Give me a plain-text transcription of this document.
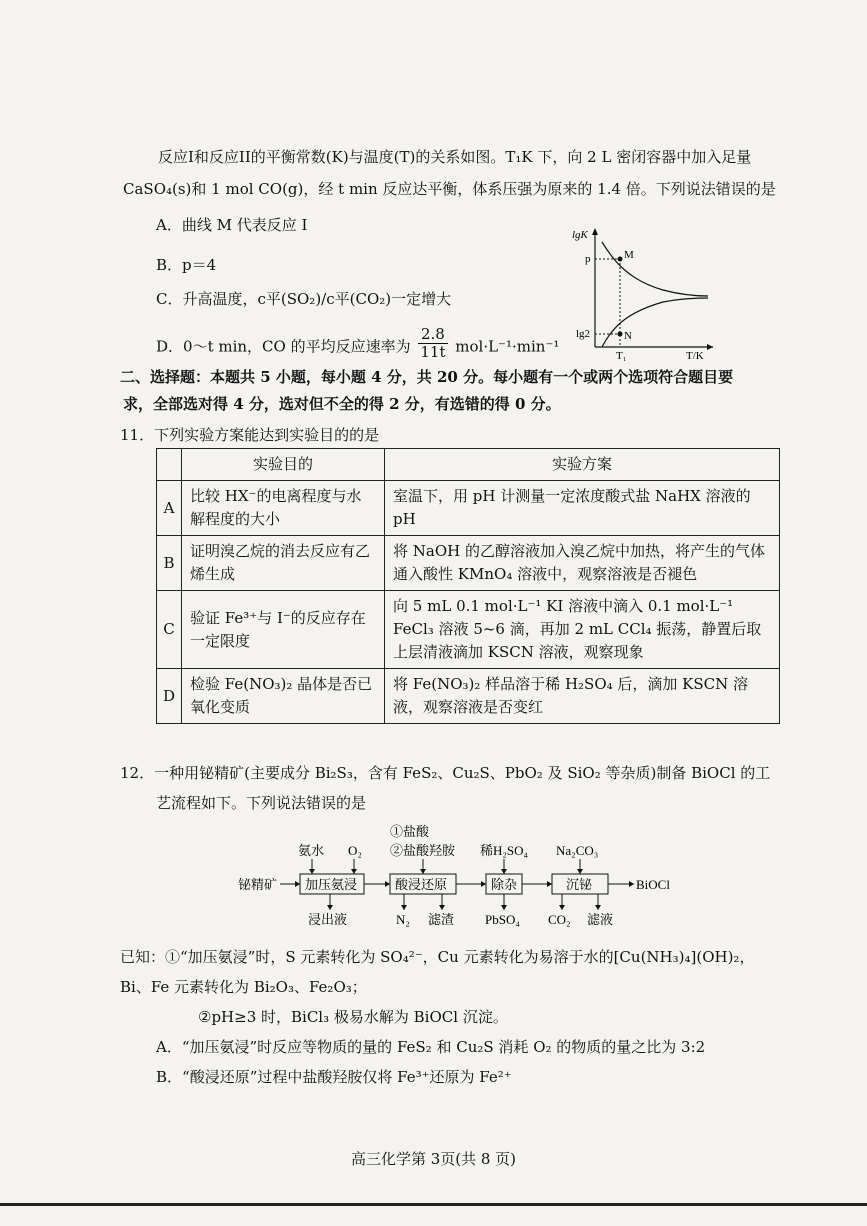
反应I和反应II的平衡常数(K)与温度(T)的关系如图。T₁K 下，向 2 L 密闭容器中加入足量
CaSO₄(s)和 1 mol CO(g)，经 t min 反应达平衡，体系压强为原来的 1.4 倍。下列说法错误的是
A．曲线 M 代表反应 I
B．p＝4
C．升高温度，c平(SO₂)/c平(CO₂)一定增大
D．0～t min，CO 的平均反应速率为 $\frac{2.8}{11t} mol\cdot L^{-1}\cdot\min^{-1}$
lgK
T/K
p
lg2
T₁
M
N
二、选择题：本题共 5 小题，每小题 4 分，共 20 分。每小题有一个或两个选项符合题目要
求，全部选对得 4 分，选对但不全的得 2 分，有选错的得 0 分。
11．下列实验方案能达到实验目的的是
	实验目的	实验方案
A	比较 HX⁻的电离程度与水解程度的大小	室温下，用 pH 计测量一定浓度酸式盐 NaHX 溶液的 pH
B	证明溴乙烷的消去反应有乙烯生成	将 NaOH 的乙醇溶液加入溴乙烷中加热，将产生的气体通入酸性 KMnO₄ 溶液中，观察溶液是否褪色
C	验证 Fe³⁺与 I⁻的反应存在一定限度	向 5 mL 0.1 mol·L⁻¹ KI 溶液中滴入 0.1 mol·L⁻¹ FeCl₃ 溶液 5~6 滴，再加 2 mL CCl₄ 振荡，静置后取上层清液滴加 KSCN 溶液，观察现象
D	检验 Fe(NO₃)₂ 晶体是否已氧化变质	将 Fe(NO₃)₂ 样品溶于稀 H₂SO₄ 后，滴加 KSCN 溶液，观察溶液是否变红
12．一种用铋精矿(主要成分 Bi₂S₃，含有 FeS₂、Cu₂S、PbO₂ 及 SiO₂ 等杂质)制备 BiOCl 的工
艺流程如下。下列说法错误的是
铋精矿 加压氨浸
氨水 O₂
浸出液
酸浸还原
①盐酸
②盐酸羟胺
N₂ 滤渣
除杂
稀H₂SO₄
PbSO₄
沉铋
Na₂CO₃
CO₂ 滤液
BiOCl
已知：①“加压氨浸”时，S 元素转化为 SO₄²⁻，Cu 元素转化为易溶于水的[Cu(NH₃)₄](OH)₂，
Bi、Fe 元素转化为 Bi₂O₃、Fe₂O₃；
②pH≥3 时，BiCl₃ 极易水解为 BiOCl 沉淀。
A．“加压氨浸”时反应等物质的量的 FeS₂ 和 Cu₂S 消耗 O₂ 的物质的量之比为 3:2
B．“酸浸还原”过程中盐酸羟胺仅将 Fe³⁺还原为 Fe²⁺
高三化学第 3页(共 8 页)
